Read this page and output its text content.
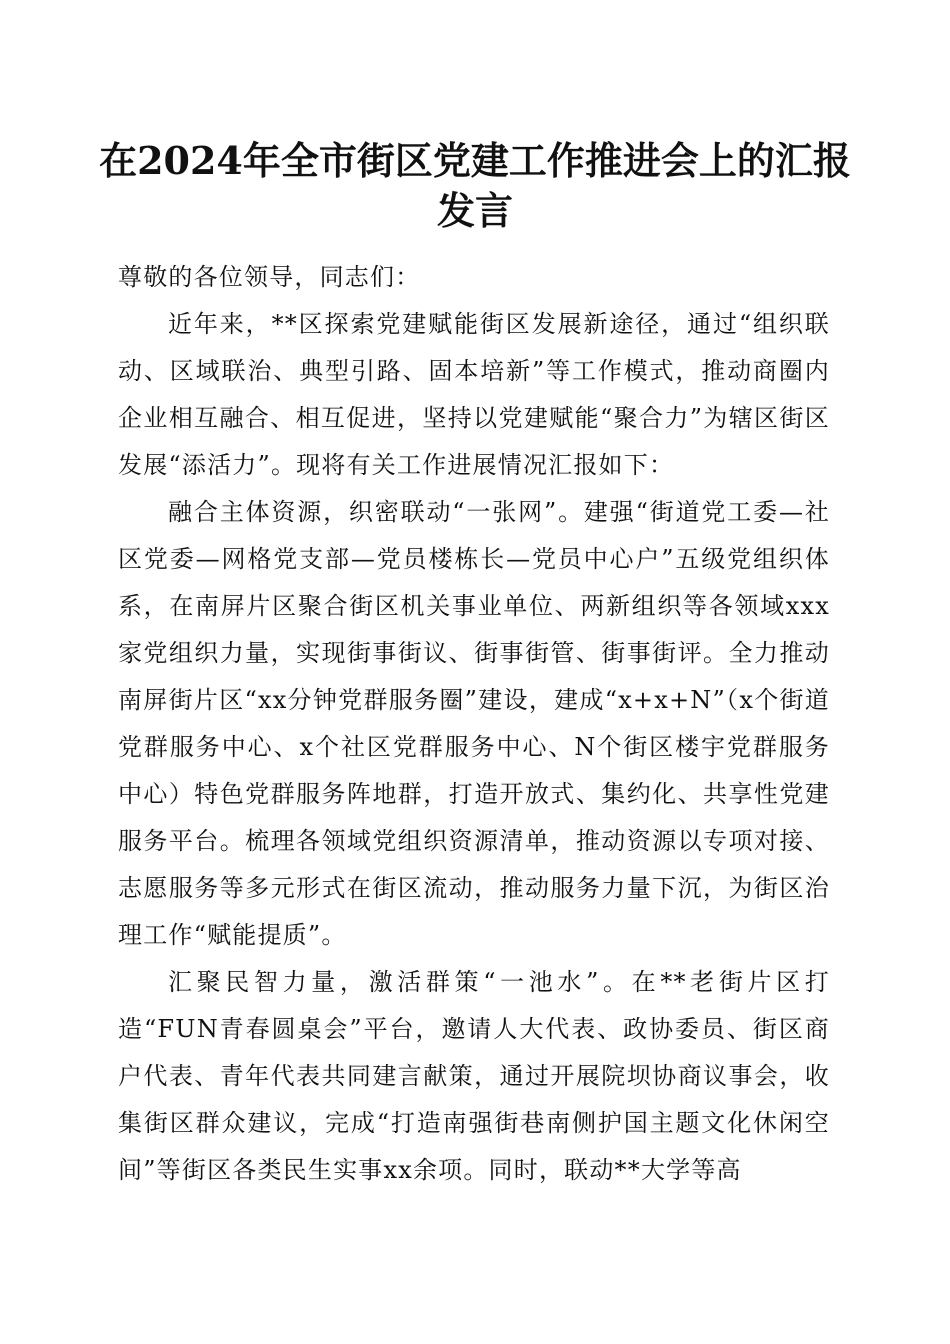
在2024年全市街区党建工作推进会上的汇报
发言

尊敬的各位领导，同志们：

近年来，**区探索党建赋能街区发展新途径，通过“组织联动、区域联治、典型引路、固本培新”等工作模式，推动商圈内企业相互融合、相互促进，坚持以党建赋能“聚合力”为辖区街区发展“添活力”。现将有关工作进展情况汇报如下：

融合主体资源，织密联动“一张网”。建强“街道党工委—社区党委—网格党支部—党员楼栋长—党员中心户”五级党组织体系，在南屏片区聚合街区机关事业单位、两新组织等各领域xxx家党组织力量，实现街事街议、街事街管、街事街评。全力推动南屏街片区“xx分钟党群服务圈”建设，建成“x+x+N”（x个街道党群服务中心、x个社区党群服务中心、N个街区楼宇党群服务中心）特色党群服务阵地群，打造开放式、集约化、共享性党建服务平台。梳理各领域党组织资源清单，推动资源以专项对接、志愿服务等多元形式在街区流动，推动服务力量下沉，为街区治理工作“赋能提质”。

汇聚民智力量，激活群策“一池水”。在**老街片区打造“FUN青春圆桌会”平台，邀请人大代表、政协委员、街区商户代表、青年代表共同建言献策，通过开展院坝协商议事会，收集街区群众建议，完成“打造南强街巷南侧护国主题文化休闲空间”等街区各类民生实事xx余项。同时，联动**大学等高
